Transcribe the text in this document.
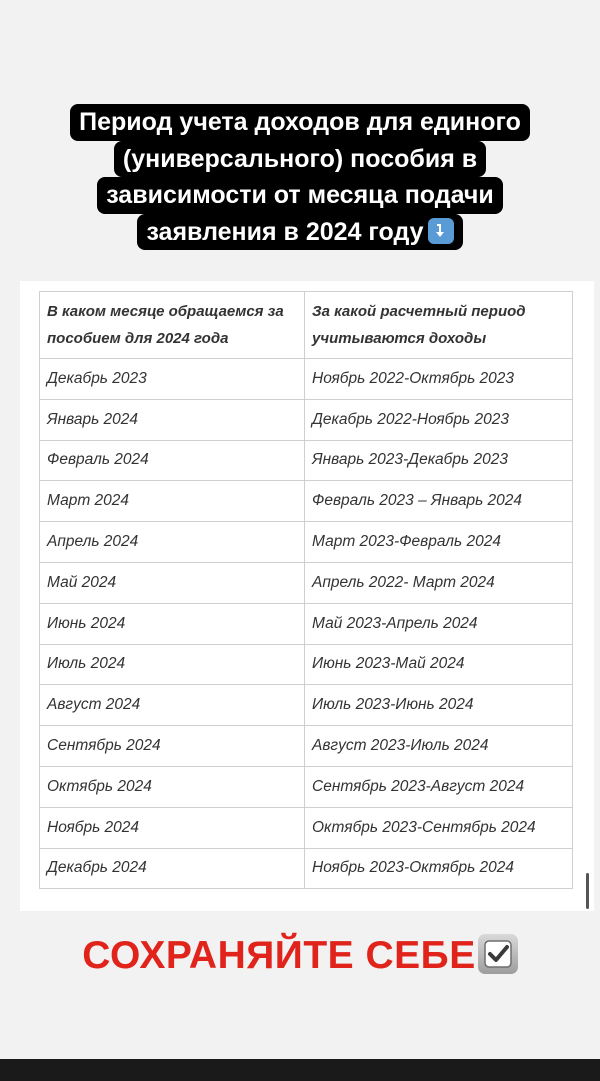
Период учета доходов для единого
(универсального) пособия в
зависимости от месяца подачи
заявления в 2024 году
В каком месяце обращаемся за пособием для 2024 года	За какой расчетный период учитываются доходы
Декабрь 2023	Ноябрь 2022-Октябрь 2023
Январь 2024	Декабрь 2022-Ноябрь 2023
Февраль 2024	Январь 2023-Декабрь 2023
Март 2024	Февраль 2023 – Январь 2024
Апрель 2024	Март 2023-Февраль 2024
Май 2024	Апрель 2022- Март 2024
Июнь 2024	Май 2023-Апрель 2024
Июль 2024	Июнь 2023-Май 2024
Август 2024	Июль 2023-Июнь 2024
Сентябрь 2024	Август 2023-Июль 2024
Октябрь 2024	Сентябрь 2023-Август 2024
Ноябрь 2024	Октябрь 2023-Сентябрь 2024
Декабрь 2024	Ноябрь 2023-Октябрь 2024
СОХРАНЯЙТЕ СЕБЕ
